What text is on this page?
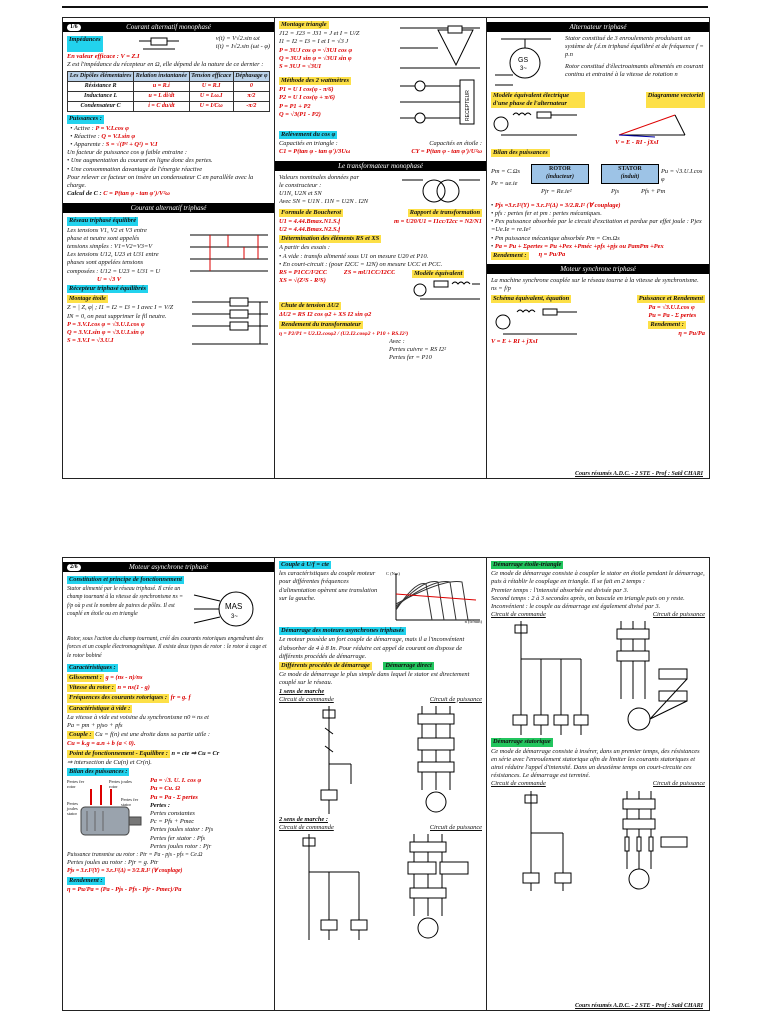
1/6	Courant alternatif monophasé
Impédances	v(t) = V√2.sin ωt
i(t) = I√2.sin (ωt - φ)
En valeur efficace : V = Z.I
Z est l'impédance du récepteur en Ω, elle dépend de la nature de ce dernier :
Les Dipôles élémentaires	Relation instantanée	Tension efficace	Déphasage φ
Résistance R	u = R.i	U = R.I	0
Inductance L	u = L di/dt	U = Lω.I	π/2
Condensateur C	i = C du/dt	U = I/Cω	-π/2
Puissances :
• Active : P = V.I.cos φ
• Réactive : Q = V.I.sin φ
• Apparente : S = √(P² + Q²) = V.I
Un facteur de puissance cos φ faible entraine :
• Une augmentation du courant en ligne donc des pertes.
• Une consommation davantage de l'énergie réactive
Pour relever ce facteur on insère un condensateur C en parallèle avec la charge.
Calcul de C : C = P(tan φ - tan φ')/V²ω
Courant alternatif triphasé
Réseau triphasé équilibré
Les tensions V1, V2 et V3 entre
phase et neutre sont appelés
tensions simples : V1=V2=V3=V
Les tensions U12, U23 et U31 entre
phases sont appelées tensions
composées : U12 = U23 = U31 = U
U = √3 V
Récepteur triphasé équilibrés
Montage étoile
Z = | Z, φ| ; I1 = I2 = I3 = I avec I = V/Z
IN = 0, on peut supprimer le fil neutre.
P = 3.V.I.cos φ = √3.U.I.cos φ
Q = 3.V.I.sin φ = √3.U.I.sin φ
S = 3.V.I = √3.U.I
Montage triangle
J12 = J23 = J31 = J et I = U/Z
I1 = I2 = I3 = I et I = √3 J
P = 3UJ cos φ = √3UI cos φ
Q = 3UJ sin φ = √3UI sin φ
S = 3UJ = √3UI
Méthode des 2 wattmètres
P1 = U I cos(φ - π/6)
P2 = U I cos(φ + π/6)
P = P1 + P2
Q = √3(P1 - P2)	RECEPTEUR
Relèvement du cos φ
Capacités en triangle :	Capacités en étoile :
C1 = P(tan φ - tan φ')/3Uω	CY = P(tan φ - tan φ')/U²ω
Le transformateur monophasé
Valeurs nominales données par
le constructeur :
U1N, U2N et SN
Avec SN = U1N . I1N = U2N . I2N
Formule de Boucherot	Rapport de transformation
U1 = 4.44.Bmax.N1.S.f
U2 = 4.44.Bmax.N2.S.f
m = U20/U1 = I1cc/I2cc = N2/N1
Détermination des éléments RS et XS
A partir des essais :
• A vide : transfo alimenté sous U1 on mesure U20 et P10.
• En court-circuit : (pour I2CC = I2N) on mesure UCC et PCC.
RS = P1CC/I²2CC
XS = √(Z²S - R²S)
ZS = mU1CC/I2CC	Modèle équivalent
Chute de tension ΔU2
ΔU2 = RS I2 cos φ2 + XS I2 sin φ2
Rendement du transformateur
η = P2/P1 = U2.I2.cosφ2 / (U2.I2.cosφ2 + P10 + RS.I2²)
Avec :
Pertes cuivre = RS I2²
Pertes fer = P10
Alternateur triphasé
GS
3~
Stator constitué de 3 enroulements produisant un système de f.é.m triphasé équilibré et de fréquence f = p.n
Rotor constitué d'électroaimants alimentés en courant continu et entrainé à la vitesse de rotation n
Modèle équivalent électrique d'une phase de l'alternateur
Diagramme vectoriel
V = E - RI - jXsI
Bilan des puissances
Pm = C.Ωs
Pe = ue.ie
ROTOR
(inducteur)
STATOR
(induit)
Pu = √3.U.I.cos φ
Pjr = Re.ie²	Pjs	Pfs + Pm
• Pjs =3.r.I²(Y) = 3.r.J²(Δ) = 3/2.R.I² (∀ couplage)
• pfs : pertes fer et pm : pertes mécaniques.
• Pex puissance absorbée par le circuit d'excitation et perdue par effet joule : Pjex =Ue.Ie = re.Ie²
• Pm puissance mécanique absorbée Pm = Cm.Ωs
• Pa = Pu + Σpertes = Pu +Pex +Pméc +pfs +pjs ou PamPm +Pex
Rendement :	η = Pu/Pa
Moteur synchrone triphasé
La machine synchrone couplée sur le réseau tourne à la vitesse de synchronisme. ns = f/p
Schéma équivalent, équation	Puissance et Rendement
V = E + RI + jXsI
Pa = √3.U.I.cos φ
Pu = Pa - Σ pertes
Rendement :
η = Pu/Pa
Cours résumés A.D.C. - 2 STE - Prof : Saïd CHARI
2/6	Moteur asynchrone triphasé
Constitution et principe de fonctionnement
Stator alimenté par le réseau triphasé. Il crée un champ tournant à la vitesse de synchronisme ns = f/p où p est le nombre de paires de pôles. Il est couplé en étoile ou en triangle
MAS
3~
Rotor, sous l'action du champ tournant, créé des courants rotoriques engendrant des forces et un couple électromagnétique. Il existe deux types de rotor : le rotor à cage et le rotor bobiné
Caractéristiques :
Glissement : g = (ns - n)/ns
Vitesse du rotor : n = ns(1 - g)
Fréquences des courants rotoriques : fr = g. f
Caractéristique à vide :
La vitesse à vide est voisine du synchronisme n0 ≈ ns et
Pa = pm + pjso + pfs
Couple : Cu = f(n) est une droite dans sa partie utile :
Cu = k.g = a.n + b (a < 0).
Point de fonctionnement - Equilibre : n = cte ⇒ Cu = Cr
⇒ intersection de Cu(n) et Cr(n).
Bilan des puissances :
Pertes fer rotor
Pertes joules rotor
Pertes joules stator
Pertes fer stator
Pa = √3. U. I. cos φ
Pu = Cu. Ω
Pu = Pa - Σ pertes
Pertes :
Pertes constantes
Pc = Pfs + Pmec
Pertes joules stator : Pjs
Pertes fer stator : Pfs
Pertes joules rotor : Pjr
Puissance transmise au rotor : Ptr = Pa - pjs - pfs = Ce.Ω
Pertes joules au rotor : Pjr = g. Ptr
Pjs = 3.r.I²(Y) = 3.r.J²(Δ) = 3/2.R.I² (∀ couplage)
Rendement :
η = Pu/Pa = (Pa - Pjs - Pfs - Pjr - Pmec)/Pa
Couple à U/f = cte
les caractéristiques du couple moteur pour différentes fréquences d'alimentation opèrent une translation sur la gauche.
C (Nm)
n (tr/min)
Démarrage des moteurs asynchrones triphasés
Le moteur possède un fort couple de démarrage, mais il a l'inconvénient d'absorber de 4 à 8 In. Pour réduire cet appel de courant on dispose de différents procédés de démarrage.
Différents procédés de démarrage Démarrage direct
Ce mode de démarrage le plus simple dans lequel le stator est directement couplé sur le réseau.
1 sens de marche
Circuit de commande	Circuit de puissance
2 sens de marche :
Circuit de commande	Circuit de puissance
Démarrage étoile-triangle
Ce mode de démarrage consiste à coupler le stator en étoile pendant le démarrage, puis à rétablir le couplage en triangle. Il se fait en 2 temps :
Premier temps : l'intensité absorbée est divisée par 3.
Second temps : 2 à 3 secondes après, on bascule en triangle puis on y reste.
Inconvénient : le couple au démarrage est également divisé par 3.
Circuit de commande	Circuit de puissance
Démarrage statorique
Ce mode de démarrage consiste à insérer, dans un premier temps, des résistances en série avec l'enroulement statorique afin de limiter les courants statoriques et ainsi réduire l'appel d'intensité. Dans un deuxième temps on court-circuite ces résistances. Le démarrage est terminé.
Circuit de commande	Circuit de puissance
Cours résumés A.D.C. - 2 STE - Prof : Saïd CHARI
